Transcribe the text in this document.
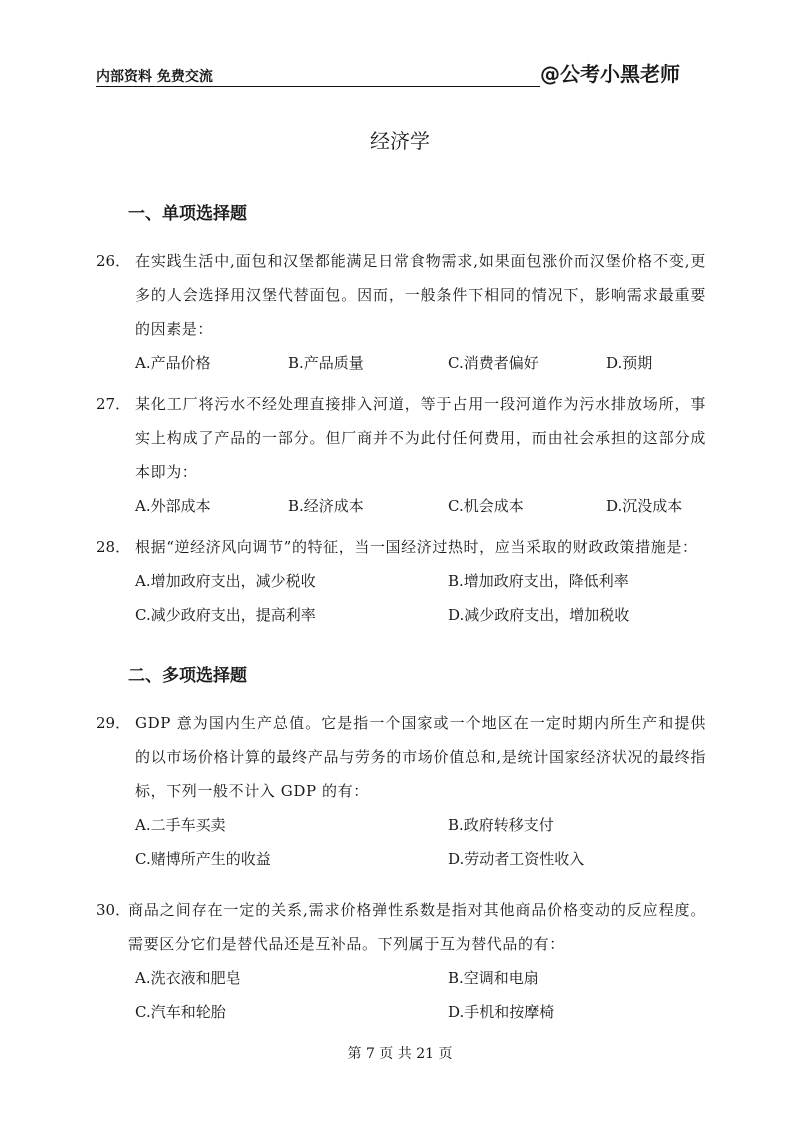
内部资料 免费交流	@公考小黑老师
经济学
一、单项选择题
26． 在实践生活中,面包和汉堡都能满足日常食物需求,如果面包涨价而汉堡价格不变,更多的人会选择用汉堡代替面包。因而，一般条件下相同的情况下，影响需求最重要的因素是：
A.产品价格	B.产品质量	C.消费者偏好	D.预期
27． 某化工厂将污水不经处理直接排入河道，等于占用一段河道作为污水排放场所，事实上构成了产品的一部分。但厂商并不为此付任何费用，而由社会承担的这部分成本即为：
A.外部成本	B.经济成本	C.机会成本	D.沉没成本
28． 根据“逆经济风向调节”的特征，当一国经济过热时，应当采取的财政政策措施是：
A.增加政府支出，减少税收	B.增加政府支出，降低利率
C.减少政府支出，提高利率	D.减少政府支出，增加税收
二、多项选择题
29． GDP 意为国内生产总值。它是指一个国家或一个地区在一定时期内所生产和提供的以市场价格计算的最终产品与劳务的市场价值总和,是统计国家经济状况的最终指标，下列一般不计入 GDP 的有：
A.二手车买卖	B.政府转移支付
C.赌博所产生的收益	D.劳动者工资性收入
30．
商品之间存在一定的关系,需求价格弹性系数是指对其他商品价格变动的反应程度。需要区分它们是替代品还是互补品。下列属于互为替代品的有：
A.洗衣液和肥皂	B.空调和电扇
C.汽车和轮胎	D.手机和按摩椅
第 7 页 共 21 页
